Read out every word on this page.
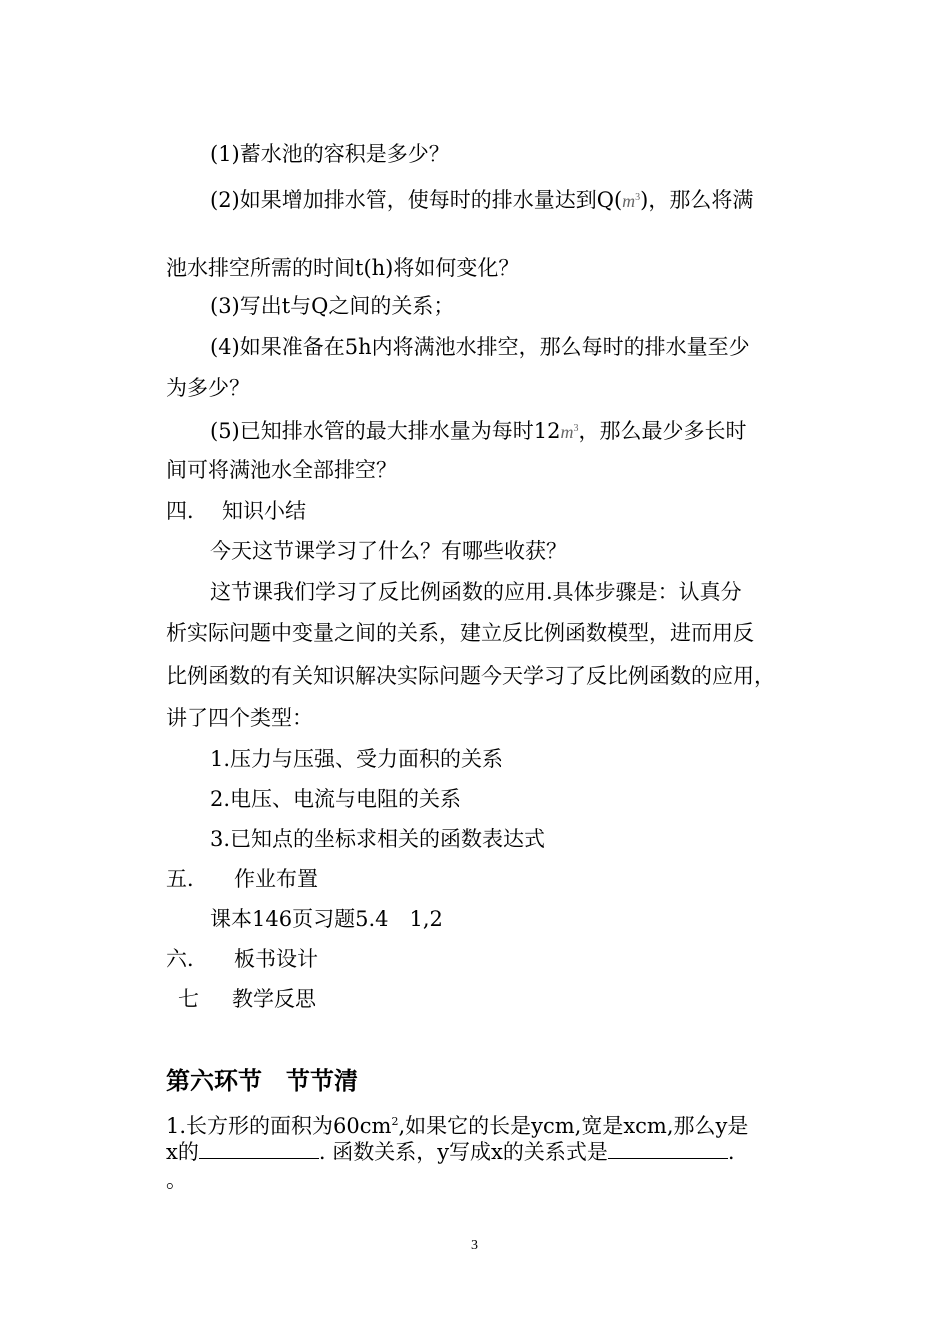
(1)蓄水池的容积是多少？
(2)如果增加排水管，使每时的排水量达到$Q(m^3)$，那么将满
池水排空所需的时间t(h)将如何变化？
(3)写出t与Q之间的关系；
(4)如果准备在5h内将满池水排空，那么每时的排水量至少
为多少？
(5)已知排水管的最大排水量为每时$12m^3$，那么最少多长时
间可将满池水全部排空？
四． 知识小结
今天这节课学习了什么？有哪些收获？
这节课我们学习了反比例函数的应用.具体步骤是：认真分
析实际问题中变量之间的关系，建立反比例函数模型，进而用反
比例函数的有关知识解决实际问题今天学习了反比例函数的应用，
讲了四个类型：
1.压力与压强、受力面积的关系
2.电压、电流与电阻的关系
3.已知点的坐标求相关的函数表达式
五． 作业布置
课本146页习题5.4　1,2
六． 板书设计
七 教学反思
第六环节　节节清
1.长方形的面积为$60cm^2$,如果它的长是ycm,宽是xcm,那么y是
x的	. 函数关系，y写成x的关系式是	.
。
3
